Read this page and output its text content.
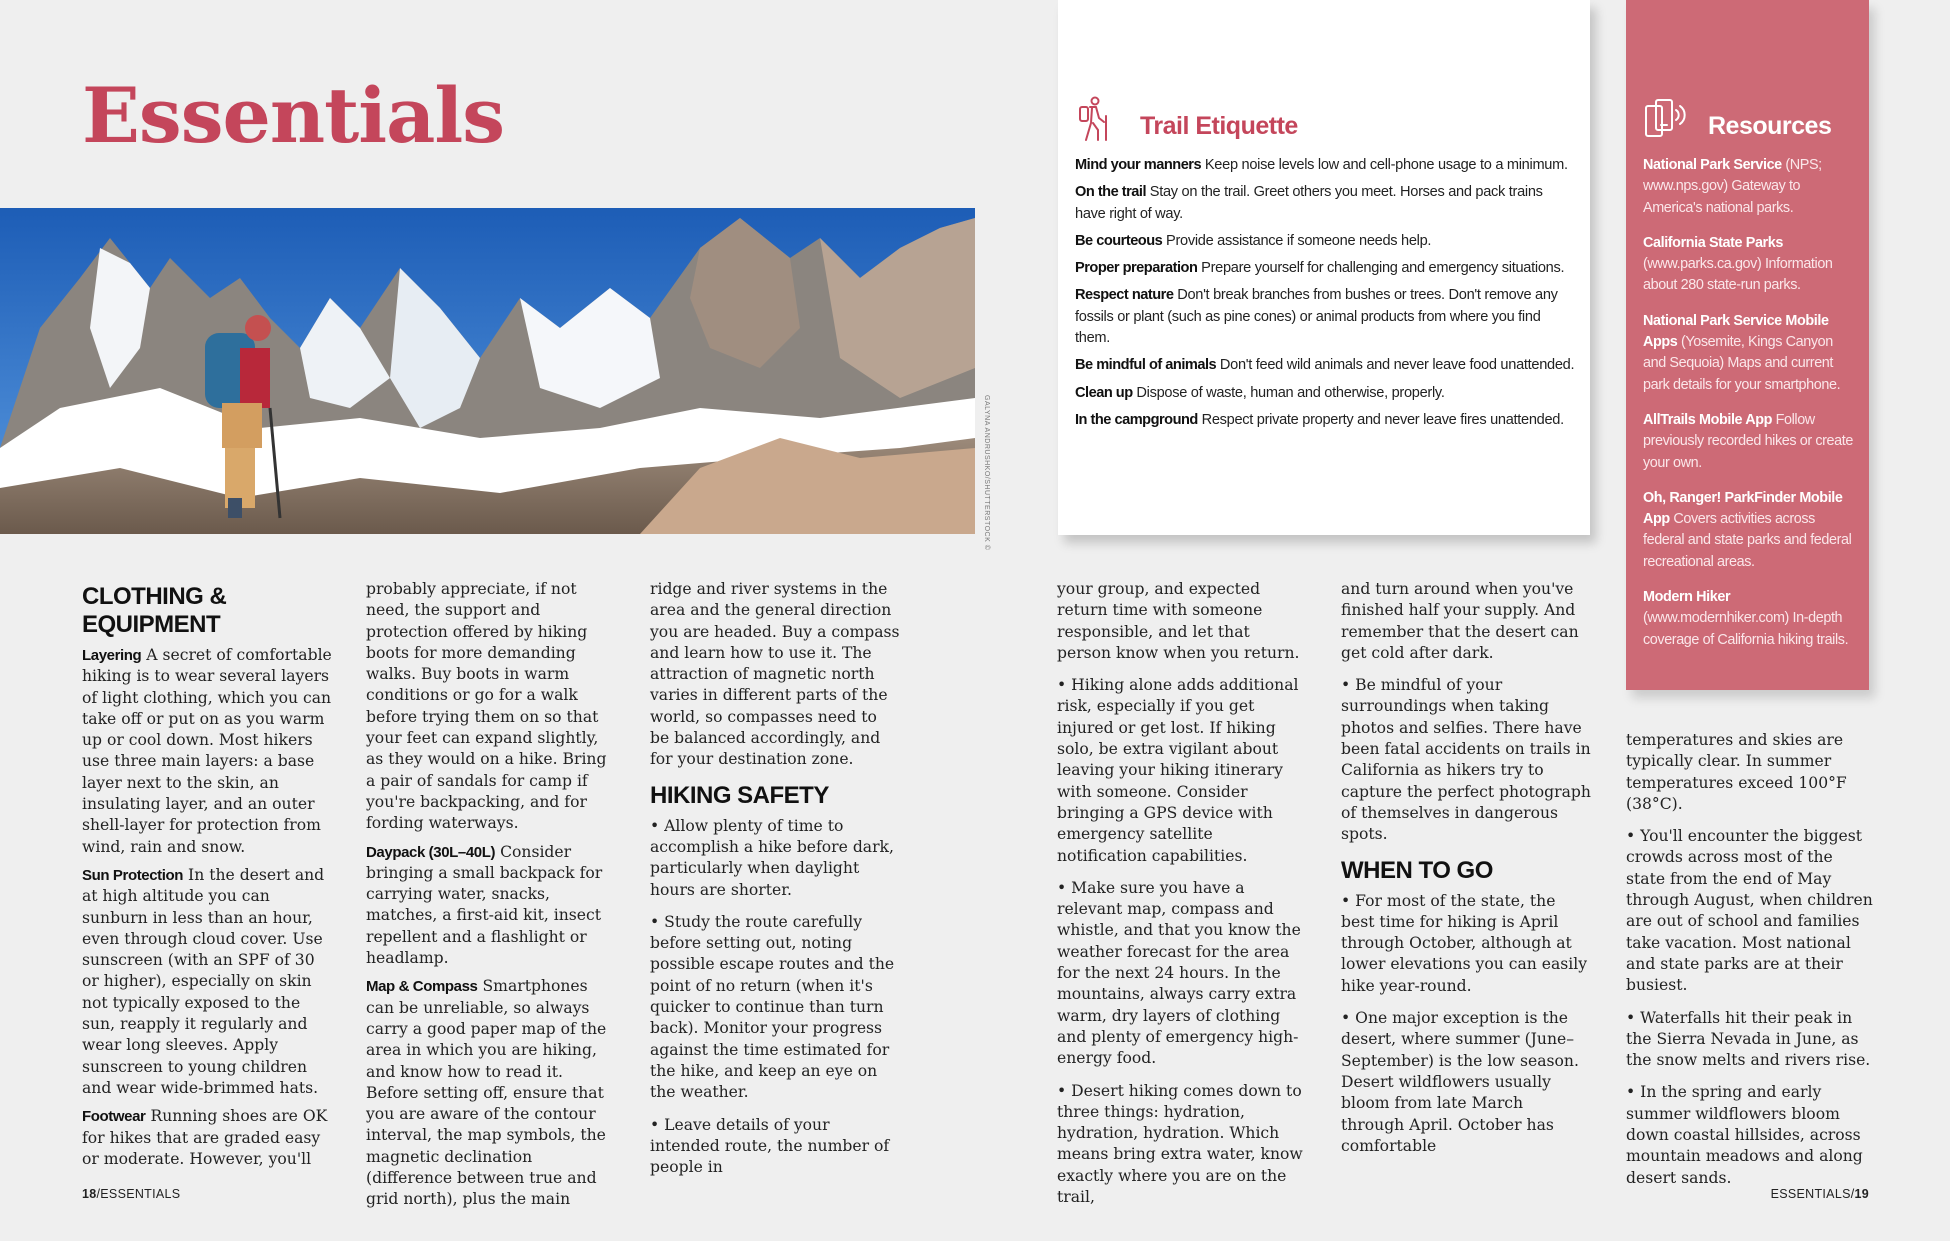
Essentials
GALYNA ANDRUSHKO/SHUTTERSTOCK ©
CLOTHING & EQUIPMENT

Layering A secret of comfortable hiking is to wear several layers of light clothing, which you can take off or put on as you warm up or cool down. Most hikers use three main layers: a base layer next to the skin, an insulating layer, and an outer shell-layer for protection from wind, rain and snow.

Sun Protection In the desert and at high altitude you can sunburn in less than an hour, even through cloud cover. Use sunscreen (with an SPF of 30 or higher), especially on skin not typically exposed to the sun, reapply it regularly and wear long sleeves. Apply sunscreen to young children and wear wide-brimmed hats.

Footwear Running shoes are OK for hikes that are graded easy or moderate. However, you'll

probably appreciate, if not need, the support and protection offered by hiking boots for more demanding walks. Buy boots in warm conditions or go for a walk before trying them on so that your feet can expand slightly, as they would on a hike. Bring a pair of sandals for camp if you're backpacking, and for fording waterways.

Daypack (30L–40L) Consider bringing a small backpack for carrying water, snacks, matches, a first-aid kit, insect repellent and a flashlight or headlamp.

Map & Compass Smartphones can be unreliable, so always carry a good paper map of the area in which you are hiking, and know how to read it. Before setting off, ensure that you are aware of the contour interval, the map symbols, the magnetic declination (difference between true and grid north), plus the main

ridge and river systems in the area and the general direction you are headed. Buy a compass and learn how to use it. The attraction of magnetic north varies in different parts of the world, so compasses need to be balanced accordingly, and for your destination zone.

HIKING SAFETY

• Allow plenty of time to accomplish a hike before dark, particularly when daylight hours are shorter.

• Study the route carefully before setting out, noting possible escape routes and the point of no return (when it's quicker to continue than turn back). Monitor your progress against the time estimated for the hike, and keep an eye on the weather.

• Leave details of your intended route, the number of people in

your group, and expected return time with someone responsible, and let that person know when you return.

• Hiking alone adds additional risk, especially if you get injured or get lost. If hiking solo, be extra vigilant about leaving your hiking itinerary with someone. Consider bringing a GPS device with emergency satellite notification capabilities.

• Make sure you have a relevant map, compass and whistle, and that you know the weather forecast for the area for the next 24 hours. In the mountains, always carry extra warm, dry layers of clothing and plenty of emergency high-energy food.

• Desert hiking comes down to three things: hydration, hydration, hydration. Which means bring extra water, know exactly where you are on the trail,

and turn around when you've finished half your supply. And remember that the desert can get cold after dark.

• Be mindful of your surroundings when taking photos and selfies. There have been fatal accidents on trails in California as hikers try to capture the perfect photograph of themselves in dangerous spots.

WHEN TO GO

• For most of the state, the best time for hiking is April through October, although at lower elevations you can easily hike year-round.

• One major exception is the desert, where summer (June–September) is the low season. Desert wildflowers usually bloom from late March through April. October has comfortable

temperatures and skies are typically clear. In summer temperatures exceed 100°F (38°C).

• You'll encounter the biggest crowds across most of the state from the end of May through August, when children are out of school and families take vacation. Most national and state parks are at their busiest.

• Waterfalls hit their peak in the Sierra Nevada in June, as the snow melts and rivers rise.

• In the spring and early summer wildflowers bloom down coastal hillsides, across mountain meadows and along desert sands.

Trail Etiquette

Mind your manners Keep noise levels low and cell-phone usage to a minimum.

On the trail Stay on the trail. Greet others you meet. Horses and pack trains have right of way.

Be courteous Provide assistance if someone needs help.

Proper preparation Prepare yourself for challenging and emergency situations.

Respect nature Don't break branches from bushes or trees. Don't remove any fossils or plant (such as pine cones) or animal products from where you find them.

Be mindful of animals Don't feed wild animals and never leave food unattended.

Clean up Dispose of waste, human and otherwise, properly.

In the campground Respect private property and never leave fires unattended.

Resources

National Park Service (NPS; www.nps.gov) Gateway to America's national parks.

California State Parks (www.parks.ca.gov) Information about 280 state-run parks.

National Park Service Mobile Apps (Yosemite, Kings Canyon and Sequoia) Maps and current park details for your smartphone.

AllTrails Mobile App Follow previously recorded hikes or create your own.

Oh, Ranger! ParkFinder Mobile App Covers activities across federal and state parks and federal recreational areas.

Modern Hiker (www.modernhiker.com) In-depth coverage of California hiking trails.

18/ESSENTIALS	ESSENTIALS/19
